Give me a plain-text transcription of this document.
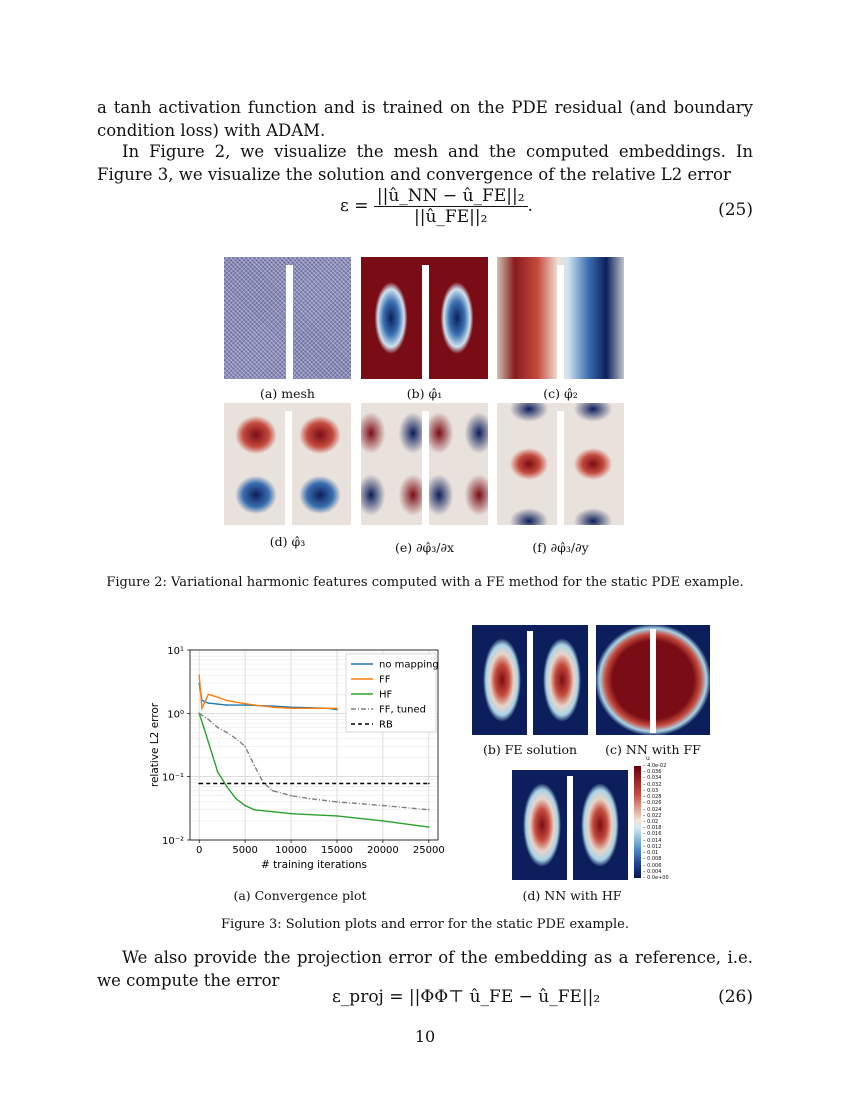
a tanh activation function and is trained on the PDE residual (and boundary condition loss) with ADAM.
In Figure 2, we visualize the mesh and the computed embeddings. In Figure 3, we visualize the solution and convergence of the relative L2 error
$\varepsilon = \frac{\text{||û\_NN − û\_FE||₂}}{\text{||û\_FE||₂}}$ .	(25)
(a) mesh	(b) φ̂₁	(c) φ̂₂
(d) φ̂₃	(e) ∂φ̂₃/∂x	(f) ∂φ̂₃/∂y
Figure 2: Variational harmonic features computed with a FE method for the static PDE example.
0	5000 10000 15000 20000 25000
10¹
10⁰
10⁻¹
10⁻²
# training iterations
relative L2 error
no mapping
FF
HF
FF, tuned
RB
(b) FE solution	(c) NN with FF
u
– 4.0e-02
– 0.036
– 0.034
– 0.032
– 0.03
– 0.028
– 0.026
– 0.024
– 0.022
– 0.02
– 0.018
– 0.016
– 0.014
– 0.012
– 0.01
– 0.008
– 0.006
– 0.004
– 0.0e+00
(d) NN with HF
(a) Convergence plot
Figure 3: Solution plots and error for the static PDE example.
We also provide the projection error of the embedding as a reference, i.e. we compute the error
ε_proj = ||ΦΦ⊤ û_FE − û_FE||₂	(26)
10
